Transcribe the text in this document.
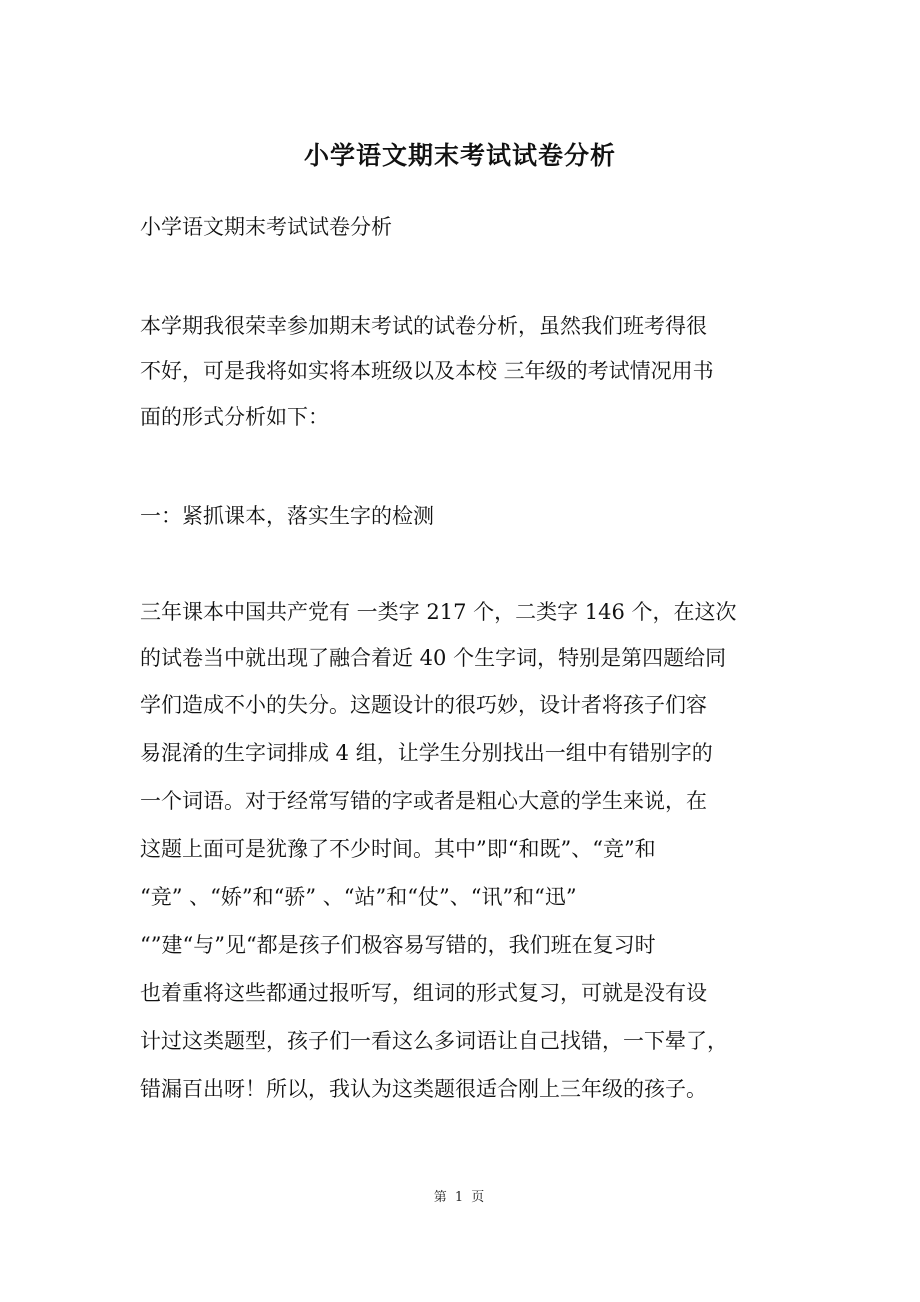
小学语文期末考试试卷分析
小学语文期末考试试卷分析
本学期我很荣幸参加期末考试的试卷分析，虽然我们班考得很
不好，可是我将如实将本班级以及本校 三年级的考试情况用书
面的形式分析如下：
一：紧抓课本，落实生字的检测
三年课本中国共产党有 一类字 217 个，二类字 146 个，在这次
的试卷当中就出现了融合着近 40 个生字词，特别是第四题给同
学们造成不小的失分。这题设计的很巧妙，设计者将孩子们容
易混淆的生字词排成 4 组，让学生分别找出一组中有错别字的
一个词语。对于经常写错的字或者是粗心大意的学生来说，在
这题上面可是犹豫了不少时间。其中”即“和既”、“竞”和
“竞” 、“娇”和“骄” 、“站”和“仗”、“讯”和“迅”
“”建“与”见“都是孩子们极容易写错的，我们班在复习时
也着重将这些都通过报听写，组词的形式复习，可就是没有设
计过这类题型，孩子们一看这么多词语让自己找错，一下晕了，
错漏百出呀！所以，我认为这类题很适合刚上三年级的孩子。
第 1 页
